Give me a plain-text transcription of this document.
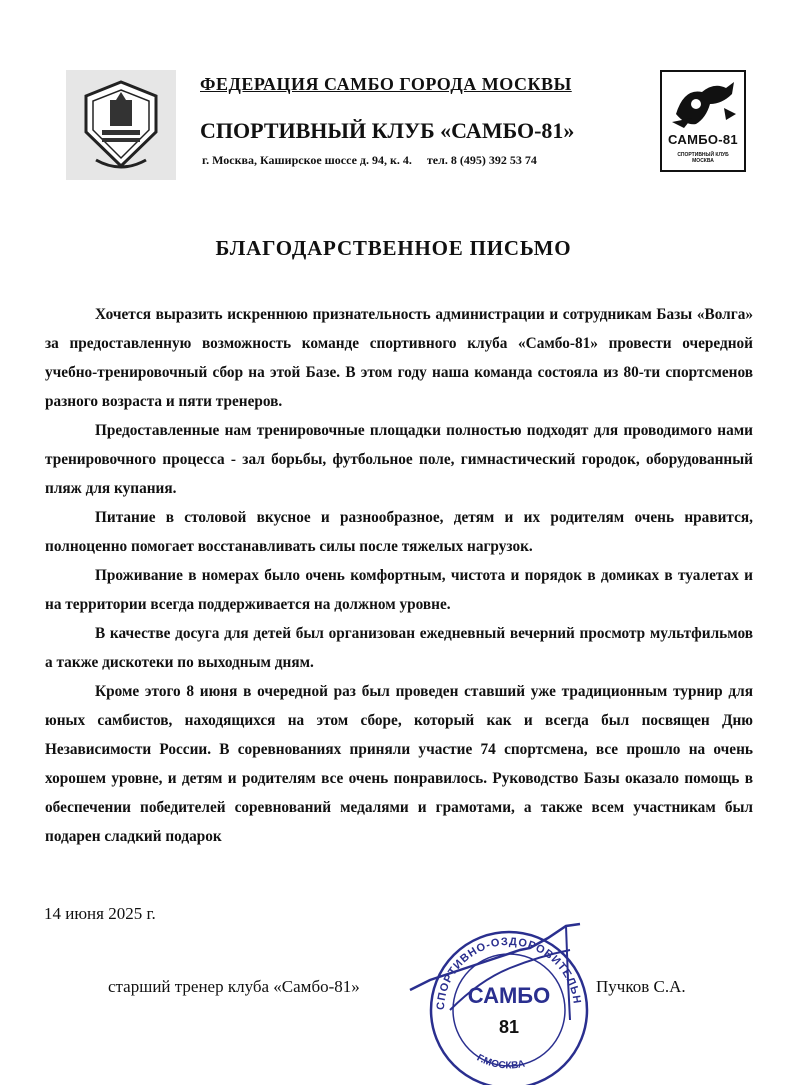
ФЕДЕРАЦИЯ САМБО ГОРОДА МОСКВЫ
СПОРТИВНЫЙ КЛУБ «САМБО-81»
г. Москва, Каширское шоссе д. 94, к. 4. тел. 8 (495) 392 53 74
САМБО-81
СПОРТИВНЫЙ КЛУБ МОСКВА
БЛАГОДАРСТВЕННОЕ ПИСЬМО

Хочется выразить искреннюю признательность администрации и сотрудникам Базы «Волга» за предоставленную возможность команде спортивного клуба «Самбо-81» провести очередной учебно-тренировочный сбор на этой Базе. В этом году наша команда состояла из 80-ти спортсменов разного возраста и пяти тренеров.

Предоставленные нам тренировочные площадки полностью подходят для проводимого нами тренировочного процесса - зал борьбы, футбольное поле, гимнастический городок, оборудованный пляж для купания.

Питание в столовой вкусное и разнообразное, детям и их родителям очень нравится, полноценно помогает восстанавливать силы после тяжелых нагрузок.

Проживание в номерах было очень комфортным, чистота и порядок в домиках в туалетах и на территории всегда поддерживается на должном уровне.

В качестве досуга для детей был организован ежедневный вечерний просмотр мультфильмов а также дискотеки по выходным дням.

Кроме этого 8 июня в очередной раз был проведен ставший уже традиционным турнир для юных самбистов, находящихся на этом сборе, который как и всегда был посвящен Дню Независимости России. В соревнованиях приняли участие 74 спортсмена, все прошло на очень хорошем уровне, и детям и родителям все очень понравилось. Руководство Базы оказало помощь в обеспечении победителей соревнований медалями и грамотами, а также всем участникам был подарен сладкий подарок

14 июня 2025 г.
старший тренер клуба «Самбо-81»	Пучков С.А.
СПОРТИВНО-ОЗДОРОВИТЕЛЬН
САМБО
81
Г.МОСКВА
